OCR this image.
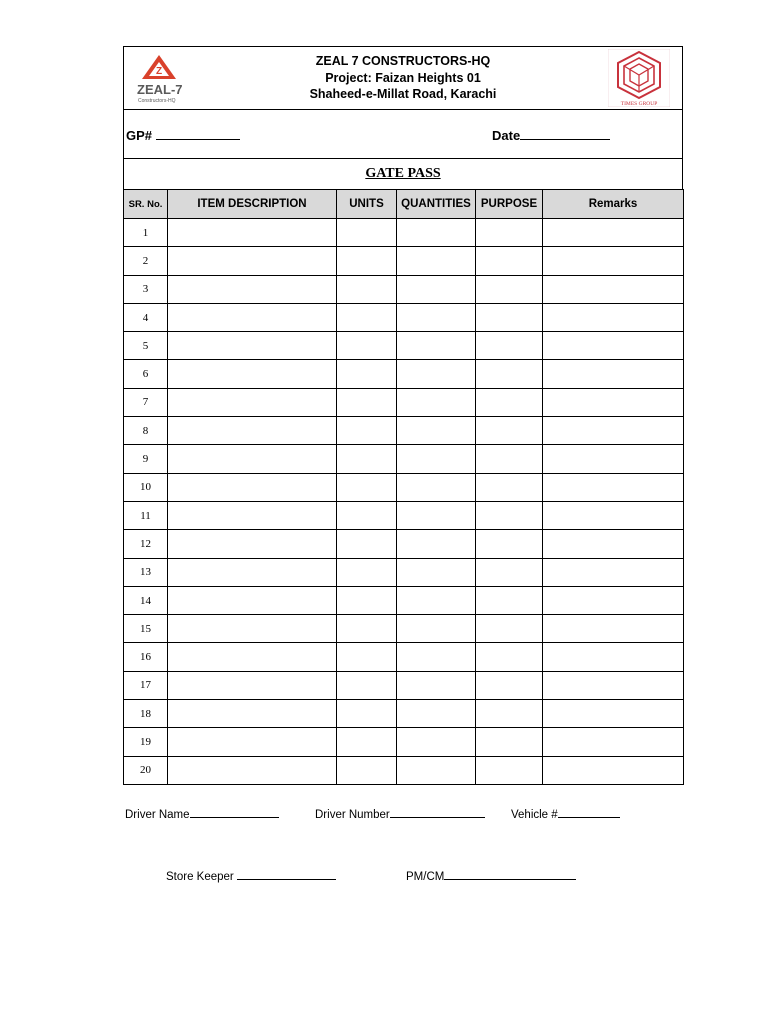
Z
ZEAL-7
Constructors-HQ
ZEAL 7 CONSTRUCTORS-HQ
Project: Faizan Heights 01
Shaheed-e-Millat Road, Karachi
TIMES GROUP
GP#	Date
GATE PASS
SR. No.	ITEM DESCRIPTION	UNITS	QUANTITIES	PURPOSE	Remarks
1					
2					
3					
4					
5					
6					
7					
8					
9					
10					
11					
12					
13					
14					
15					
16					
17					
18					
19					
20					
Driver Name	Driver Number	Vehicle #
Store Keeper	PM/CM
